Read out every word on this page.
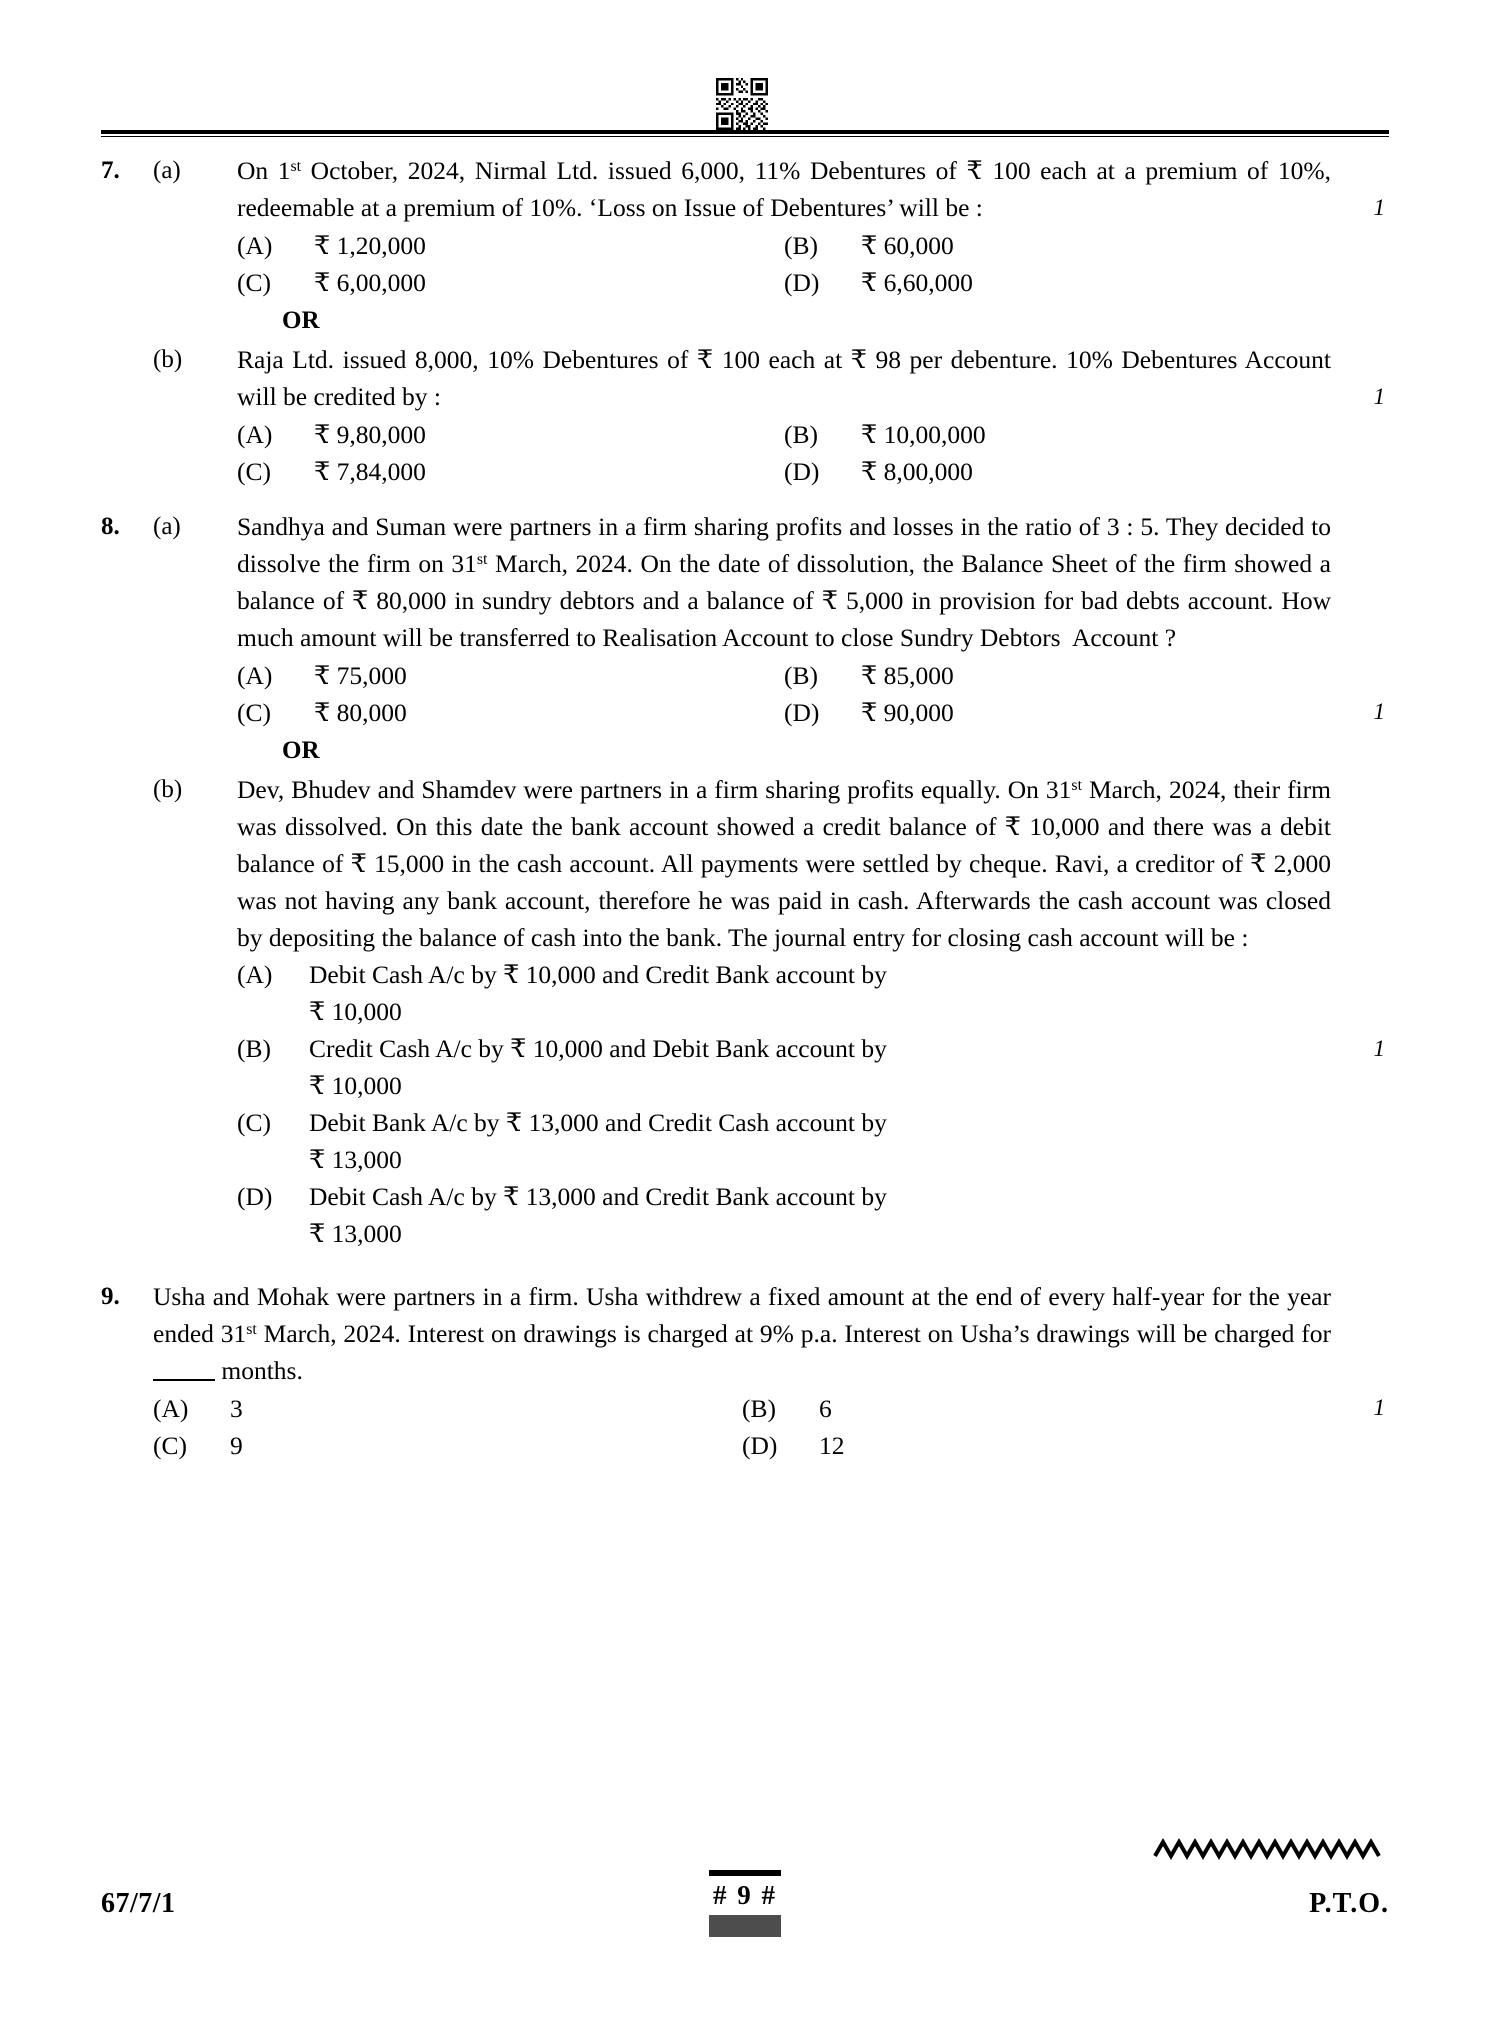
7.	(a)	On 1st October, 2024, Nirmal Ltd. issued 6,000, 11% Debentures of ₹ 100 each at a premium of 10%, redeemable at a premium of 10%. ‘Loss on Issue of Debentures’ will be :
(A)	₹ 1,20,000	(B)	₹ 60,000
(C)	₹ 6,00,000	(D)	₹ 6,60,000
OR
1
(b)	Raja Ltd. issued 8,000, 10% Debentures of ₹ 100 each at ₹ 98 per debenture. 10% Debentures Account will be credited by :
(A)	₹ 9,80,000	(B)	₹ 10,00,000
(C)	₹ 7,84,000	(D)	₹ 8,00,000
1
8.	(a)	Sandhya and Suman were partners in a firm sharing profits and losses in the ratio of 3 : 5. They decided to dissolve the firm on 31st March, 2024. On the date of dissolution, the Balance Sheet of the firm showed a balance of ₹ 80,000 in sundry debtors and a balance of ₹ 5,000 in provision for bad debts account. How much amount will be transferred to Realisation Account to close Sundry Debtors  Account ?
(A)	₹ 75,000	(B)	₹ 85,000
(C)	₹ 80,000	(D)	₹ 90,000
OR
1
(b)	Dev, Bhudev and Shamdev were partners in a firm sharing profits equally. On 31st March, 2024, their firm was dissolved. On this date the bank account showed a credit balance of ₹ 10,000 and there was a debit balance of ₹ 15,000 in the cash account. All payments were settled by cheque. Ravi, a creditor of ₹ 2,000 was not having any bank account, therefore he was paid in cash. Afterwards the cash account was closed by depositing the balance of cash into the bank. The journal entry for closing cash account will be :
(A)	Debit Cash A/c by ₹ 10,000 and Credit Bank account by
₹ 10,000
(B)	Credit Cash A/c by ₹ 10,000 and Debit Bank account by
₹ 10,000
(C)	Debit Bank A/c by ₹ 13,000 and Credit Cash account by
₹ 13,000
(D)	Debit Cash A/c by ₹ 13,000 and Credit Bank account by
₹ 13,000
1
9.	Usha and Mohak were partners in a firm. Usha withdrew a fixed amount at the end of every half-year for the year ended 31st March, 2024. Interest on drawings is charged at 9% p.a. Interest on Usha’s drawings will be charged for  months.
(A)	3	(B)	6
(C)	9	(D)	12
1
67/7/1	# 9 #	P.T.O.
